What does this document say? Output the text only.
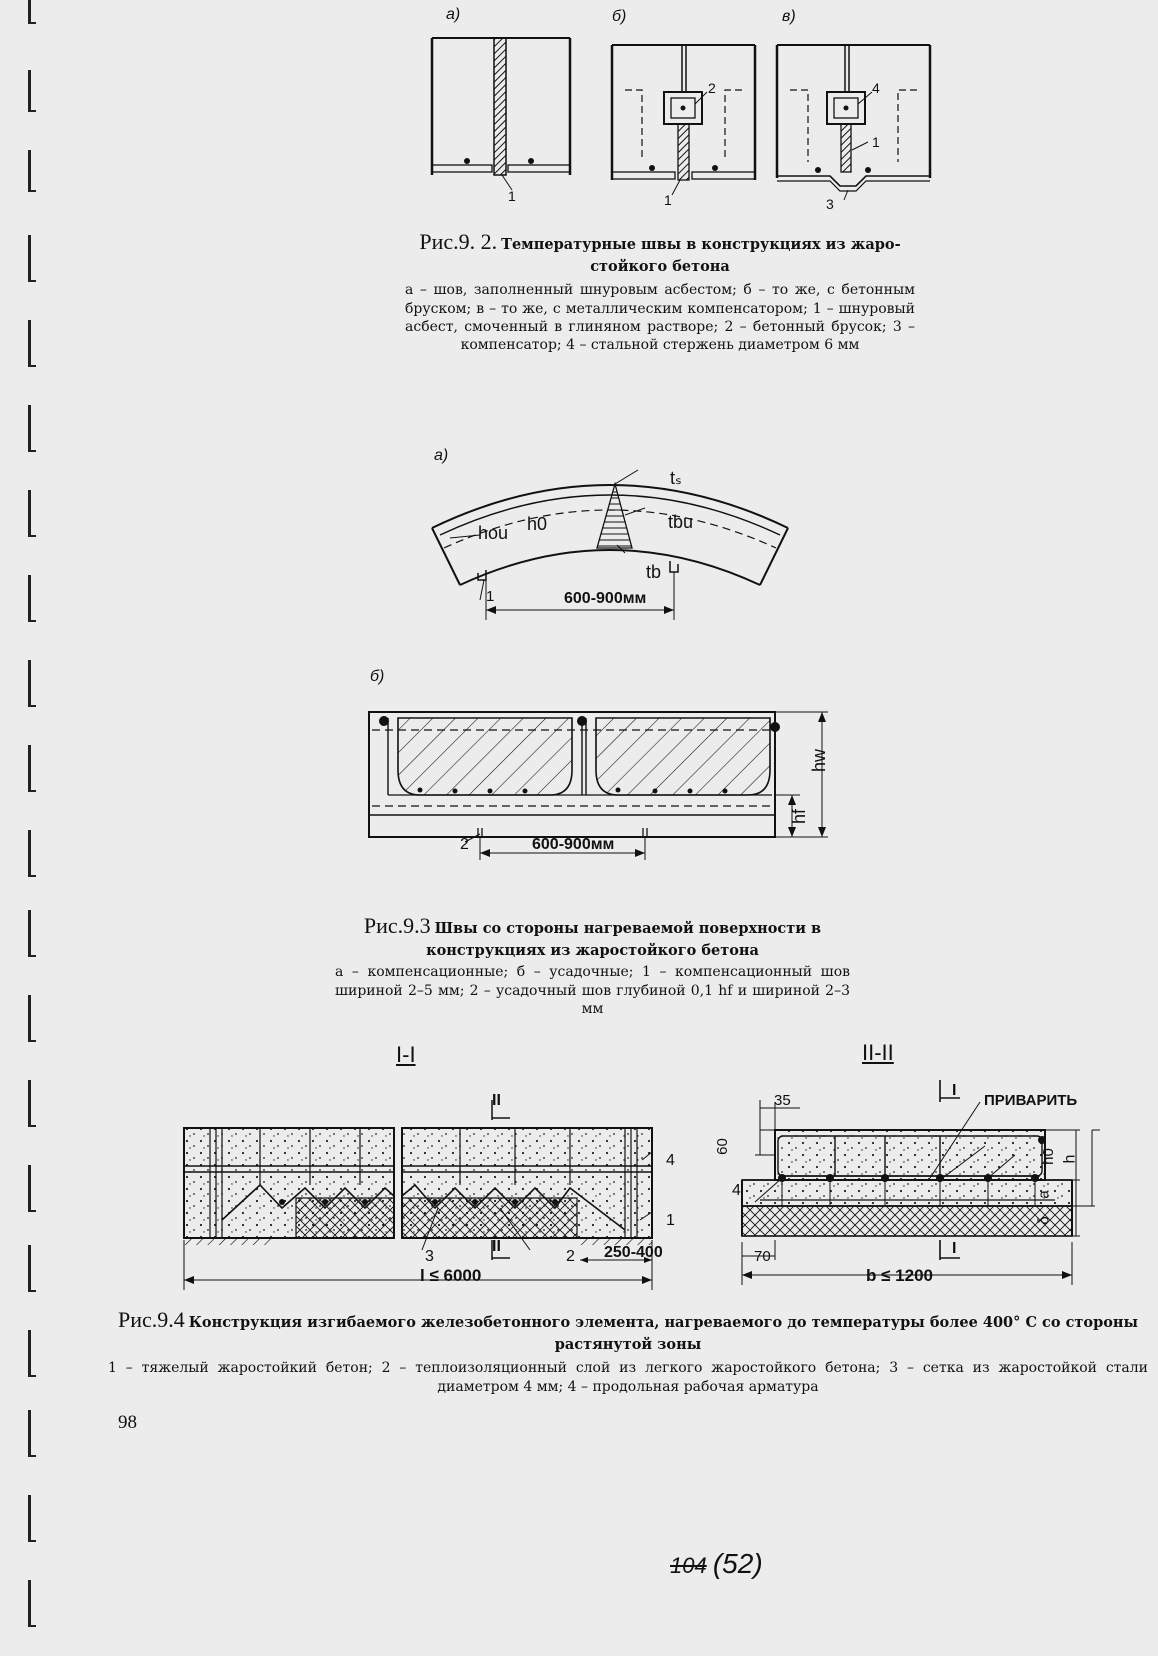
а)	б)	в)
1
2
1
4
1
3
Рис.9. 2. Температурные швы в конструкциях из жаро-стойкого бетона
а – шов, заполненный шнуровым асбестом; б – то же, с бетонным бруском; в – то же, с металлическим компенсатором; 1 – шнуровый асбест, смоченный в глиняном растворе; 2 – бетонный брусок; 3 – компенсатор; 4 – стальной стержень диаметром 6 мм
а)
tₛ
tbu
tb
hou h0
1	600-900мм
б)
hw
hf
2	600-900мм
Рис.9.3 Швы со стороны нагреваемой поверхности в конструкциях из жаростойкого бетона
а – компенсационные; б – усадочные; 1 – компенсационный шов шириной 2–5 мм; 2 – усадочный шов глубиной 0,1 hf и шириной 2–3 мм
I-I	II-II
II
II
4
1
3	2 250-400
l ≤ 6000
I
I
ПРИВАРИТЬ
35
60
70
h0 h
a
δ
4
b ≤ 1200
Рис.9.4 Конструкция изгибаемого железобетонного элемента, нагреваемого до температуры более 400° С со стороны растянутой зоны
1 – тяжелый жаростойкий бетон; 2 – теплоизоляционный слой из легкого жаростойкого бетона; 3 – сетка из жаростойкой стали диаметром 4 мм; 4 – продольная рабочая арматура
98
104 (52)
